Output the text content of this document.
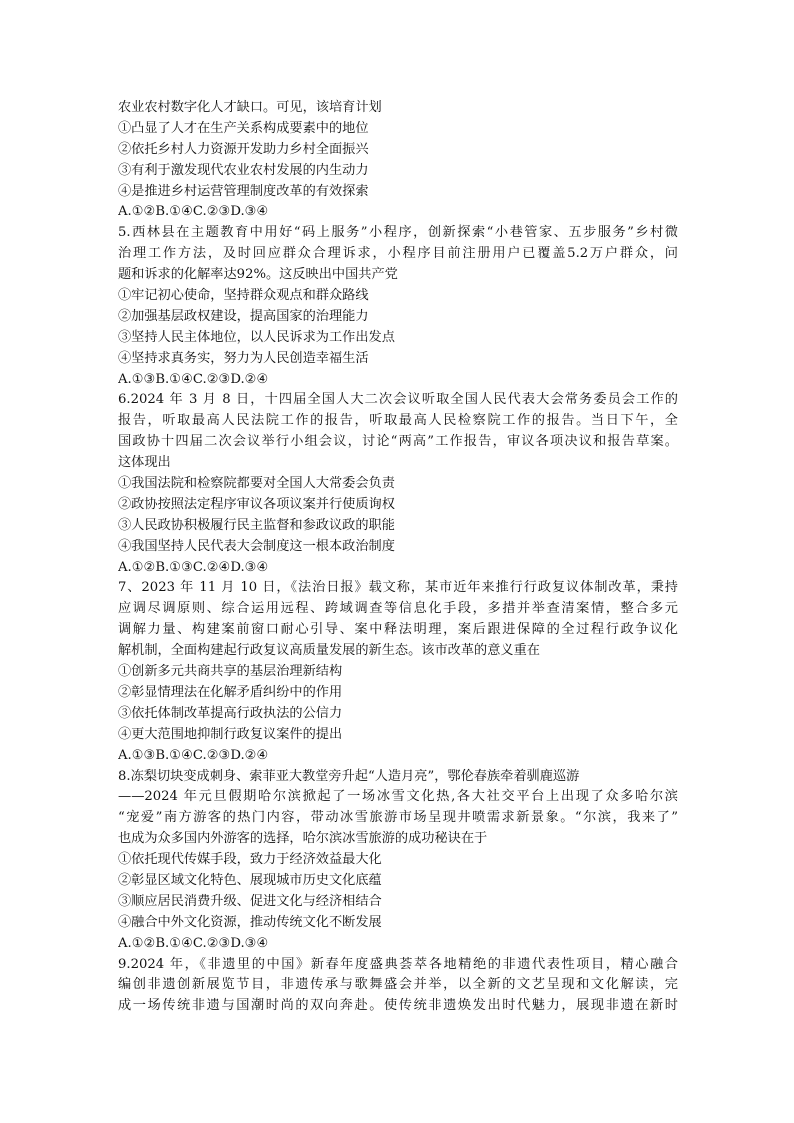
农业农村数字化人才缺口。可见，该培育计划
①凸显了人才在生产关系构成要素中的地位
②依托乡村人力资源开发助力乡村全面振兴
③有利于激发现代农业农村发展的内生动力
④是推进乡村运营管理制度改革的有效探索
A.①②B.①④C.②③D.③④
5.西林县在主题教育中用好“码上服务”小程序，创新探索“小巷管家、五步服务”乡村微
治理工作方法，及时回应群众合理诉求，小程序目前注册用户已覆盖5.2万户群众，问
题和诉求的化解率达92%。这反映出中国共产党
①牢记初心使命，坚持群众观点和群众路线
②加强基层政权建设，提高国家的治理能力
③坚持人民主体地位，以人民诉求为工作出发点
④坚持求真务实，努力为人民创造幸福生活
A.①③B.①④C.②③D.②④
6.2024 年 3 月 8 日，十四届全国人大二次会议听取全国人民代表大会常务委员会工作的
报告，听取最高人民法院工作的报告，听取最高人民检察院工作的报告。当日下午，全
国政协十四届二次会议举行小组会议，讨论“两高”工作报告，审议各项决议和报告草案。
这体现出
①我国法院和检察院都要对全国人大常委会负责
②政协按照法定程序审议各项议案并行使质询权
③人民政协积极履行民主监督和参政议政的职能
④我国坚持人民代表大会制度这一根本政治制度
A.①②B.①③C.②④D.③④
7、2023 年 11 月 10 日，《法治日报》载文称，某市近年来推行行政复议体制改革，秉持
应调尽调原则、综合运用远程、跨域调查等信息化手段，多措并举查清案情，整合多元
调解力量、构建案前窗口耐心引导、案中释法明理，案后跟进保障的全过程行政争议化
解机制，全面构建起行政复议高质量发展的新生态。该市改革的意义重在
①创新多元共商共享的基层治理新结构
②彰显情理法在化解矛盾纠纷中的作用
③依托体制改革提高行政执法的公信力
④更大范围地抑制行政复议案件的提出
A.①③B.①④C.②③D.②④
8.冻梨切块变成刺身、索菲亚大教堂旁升起“人造月亮”，鄂伦春族牵着驯鹿巡游
——2024 年元旦假期哈尔滨掀起了一场冰雪文化热,各大社交平台上出现了众多哈尔滨
“宠爱”南方游客的热门内容，带动冰雪旅游市场呈现井喷需求新景象。“尔滨，我来了”
也成为众多国内外游客的选择，哈尔滨冰雪旅游的成功秘诀在于
①依托现代传媒手段，致力于经济效益最大化
②彰显区域文化特色、展现城市历史文化底蕴
③顺应居民消费升级、促进文化与经济相结合
④融合中外文化资源，推动传统文化不断发展
A.①②B.①④C.②③D.③④
9.2024 年，《非遗里的中国》新春年度盛典荟萃各地精绝的非遗代表性项目，精心融合
编创非遗创新展览节目，非遗传承与歌舞盛会并举，以全新的文艺呈现和文化解读，完
成一场传统非遗与国潮时尚的双向奔赴。使传统非遗焕发出时代魅力，展现非遗在新时
